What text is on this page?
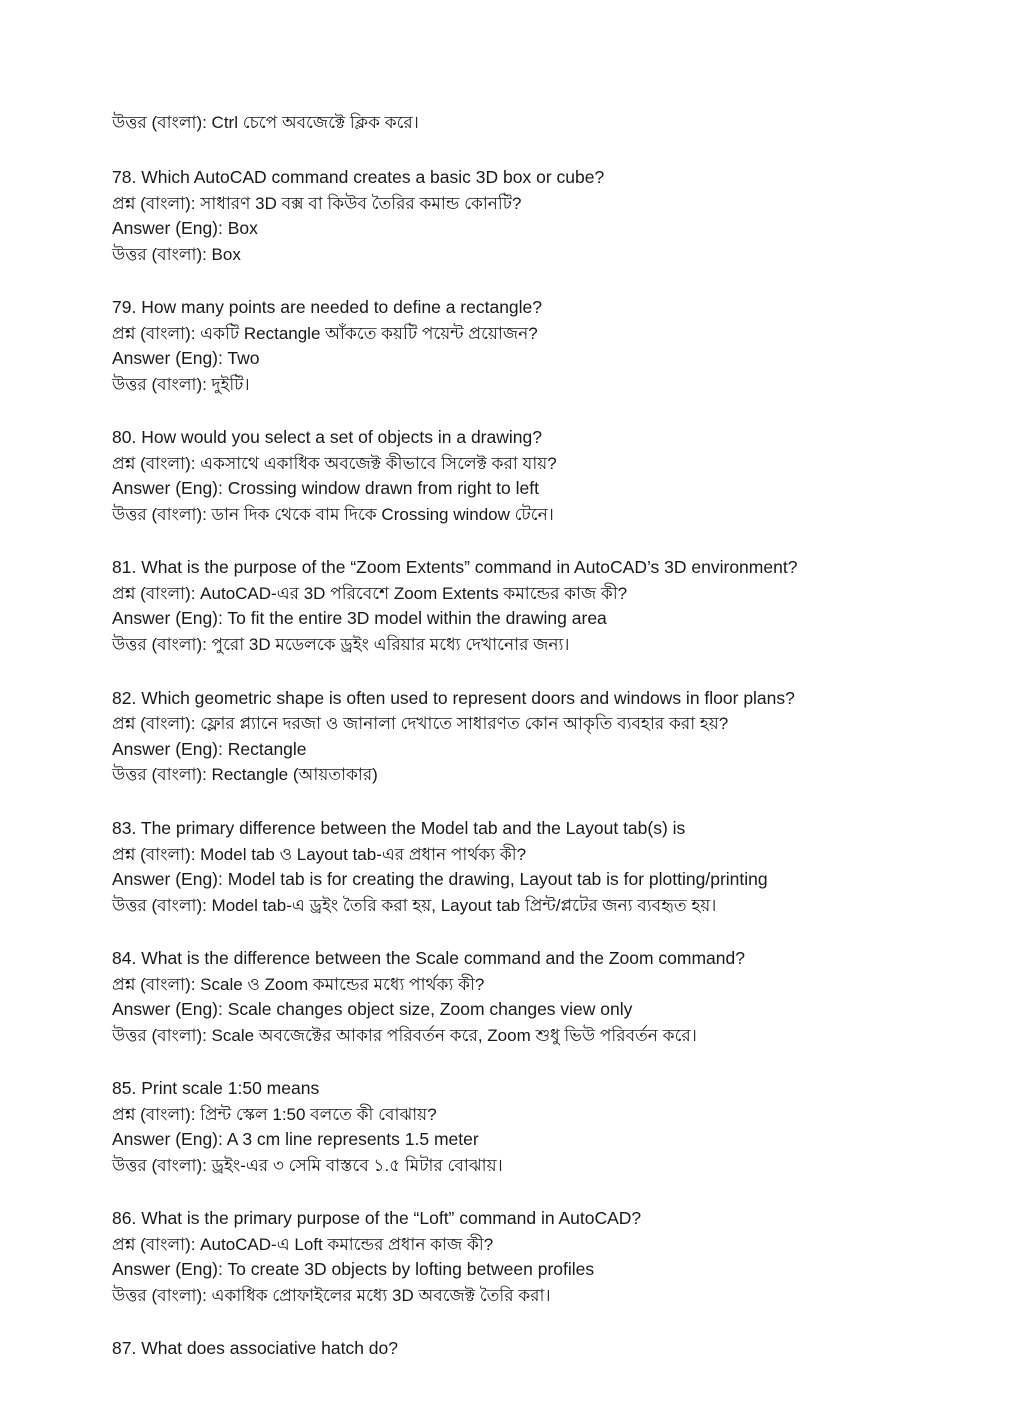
উত্তর (বাংলা): Ctrl চেপে অবজেক্টে ক্লিক করে।
78. Which AutoCAD command creates a basic 3D box or cube?
প্রশ্ন (বাংলা): সাধারণ 3D বক্স বা কিউব তৈরির কমান্ড কোনটি?
Answer (Eng): Box
উত্তর (বাংলা): Box
79. How many points are needed to define a rectangle?
প্রশ্ন (বাংলা): একটি Rectangle আঁকতে কয়টি পয়েন্ট প্রয়োজন?
Answer (Eng): Two
উত্তর (বাংলা): দুইটি।
80. How would you select a set of objects in a drawing?
প্রশ্ন (বাংলা): একসাথে একাধিক অবজেক্ট কীভাবে সিলেক্ট করা যায়?
Answer (Eng): Crossing window drawn from right to left
উত্তর (বাংলা): ডান দিক থেকে বাম দিকে Crossing window টেনে।
81. What is the purpose of the “Zoom Extents” command in AutoCAD’s 3D environment?
প্রশ্ন (বাংলা): AutoCAD-এর 3D পরিবেশে Zoom Extents কমান্ডের কাজ কী?
Answer (Eng): To fit the entire 3D model within the drawing area
উত্তর (বাংলা): পুরো 3D মডেলকে ড্রইং এরিয়ার মধ্যে দেখানোর জন্য।
82. Which geometric shape is often used to represent doors and windows in floor plans?
প্রশ্ন (বাংলা): ফ্লোর প্ল্যানে দরজা ও জানালা দেখাতে সাধারণত কোন আকৃতি ব্যবহার করা হয়?
Answer (Eng): Rectangle
উত্তর (বাংলা): Rectangle (আয়তাকার)
83. The primary difference between the Model tab and the Layout tab(s) is
প্রশ্ন (বাংলা): Model tab ও Layout tab-এর প্রধান পার্থক্য কী?
Answer (Eng): Model tab is for creating the drawing, Layout tab is for plotting/printing
উত্তর (বাংলা): Model tab-এ ড্রইং তৈরি করা হয়, Layout tab প্রিন্ট/প্লটের জন্য ব্যবহৃত হয়।
84. What is the difference between the Scale command and the Zoom command?
প্রশ্ন (বাংলা): Scale ও Zoom কমান্ডের মধ্যে পার্থক্য কী?
Answer (Eng): Scale changes object size, Zoom changes view only
উত্তর (বাংলা): Scale অবজেক্টের আকার পরিবর্তন করে, Zoom শুধু ভিউ পরিবর্তন করে।
85. Print scale 1:50 means
প্রশ্ন (বাংলা): প্রিন্ট স্কেল 1:50 বলতে কী বোঝায়?
Answer (Eng): A 3 cm line represents 1.5 meter
উত্তর (বাংলা): ড্রইং-এর ৩ সেমি বাস্তবে ১.৫ মিটার বোঝায়।
86. What is the primary purpose of the “Loft” command in AutoCAD?
প্রশ্ন (বাংলা): AutoCAD-এ Loft কমান্ডের প্রধান কাজ কী?
Answer (Eng): To create 3D objects by lofting between profiles
উত্তর (বাংলা): একাধিক প্রোফাইলের মধ্যে 3D অবজেক্ট তৈরি করা।
87. What does associative hatch do?
